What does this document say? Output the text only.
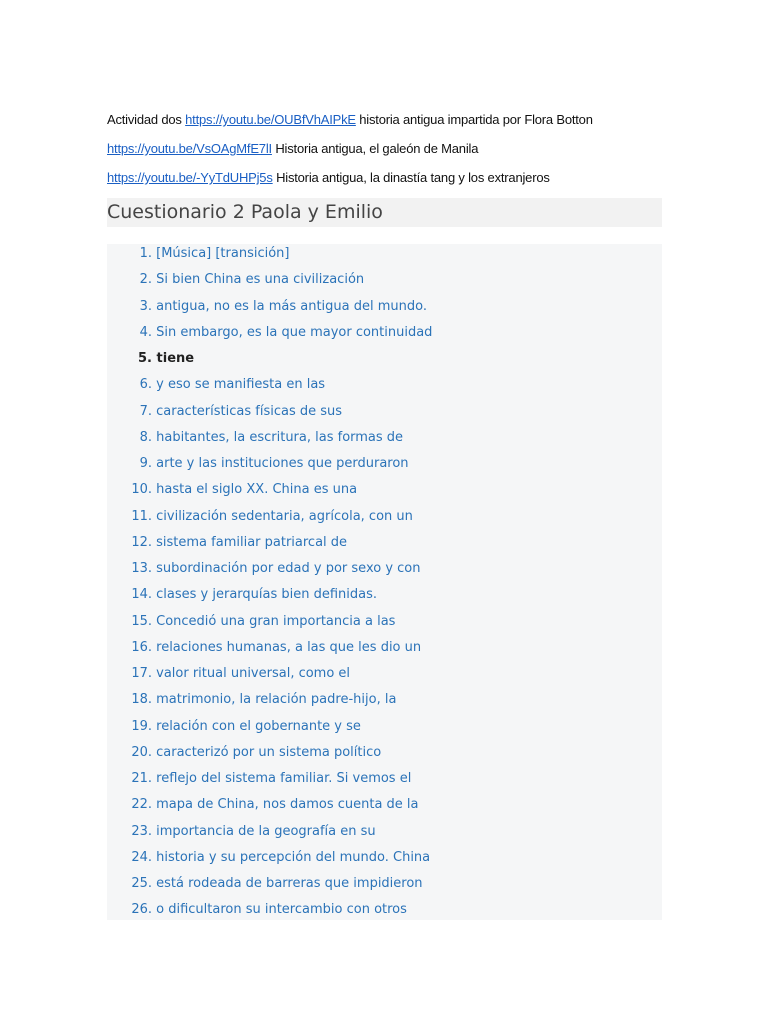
Actividad dos https://youtu.be/OUBfVhAIPkE historia antigua impartida por Flora Botton
https://youtu.be/VsOAgMfE7lI Historia antigua, el galeón de Manila
https://youtu.be/-YyTdUHPj5s Historia antigua, la dinastía tang y los extranjeros
Cuestionario 2 Paola y Emilio
1. [Música] [transición]
2. Si bien China es una civilización
3. antigua, no es la más antigua del mundo.
4. Sin embargo, es la que mayor continuidad
5. tiene
6. y eso se manifiesta en las
7. características físicas de sus
8. habitantes, la escritura, las formas de
9. arte y las instituciones que perduraron
10. hasta el siglo XX. China es una
11. civilización sedentaria, agrícola, con un
12. sistema familiar patriarcal de
13. subordinación por edad y por sexo y con
14. clases y jerarquías bien definidas.
15. Concedió una gran importancia a las
16. relaciones humanas, a las que les dio un
17. valor ritual universal, como el
18. matrimonio, la relación padre-hijo, la
19. relación con el gobernante y se
20. caracterizó por un sistema político
21. reflejo del sistema familiar. Si vemos el
22. mapa de China, nos damos cuenta de la
23. importancia de la geografía en su
24. historia y su percepción del mundo. China
25. está rodeada de barreras que impidieron
26. o dificultaron su intercambio con otros
